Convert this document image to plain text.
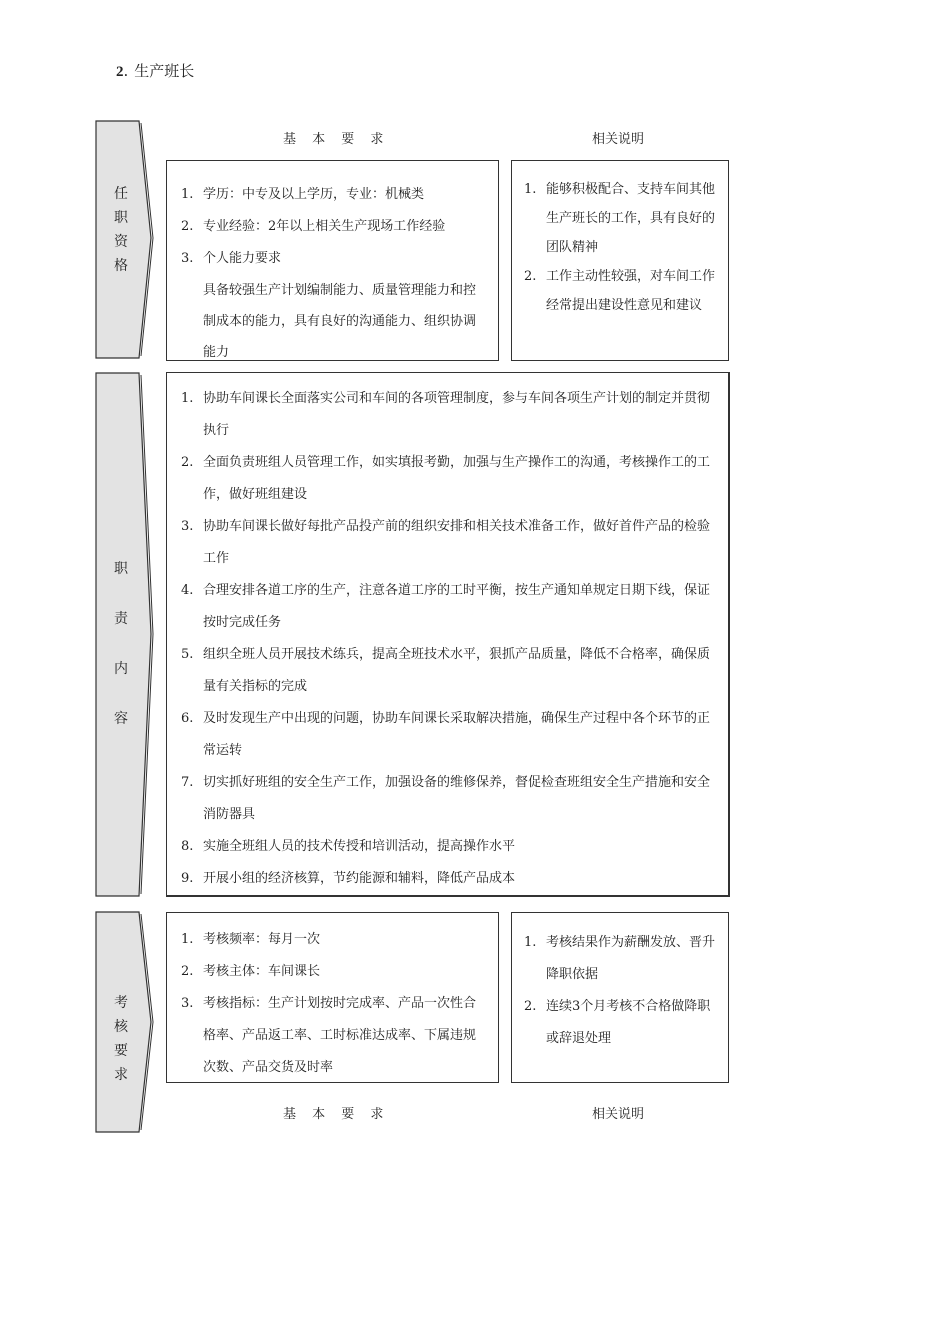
2. 生产班长
基 本 要 求	相关说明
任
职
资
格
1. 学历：中专及以上学历，专业：机械类
2. 专业经验：2年以上相关生产现场工作经验
3. 个人能力要求
具备较强生产计划编制能力、质量管理能力和控制成本的能力，具有良好的沟通能力、组织协调能力
1. 能够积极配合、支持车间其他生产班长的工作，具有良好的团队精神
2. 工作主动性较强，对车间工作经常提出建设性意见和建议
职
责
内
容
1. 协助车间课长全面落实公司和车间的各项管理制度，参与车间各项生产计划的制定并贯彻执行
2. 全面负责班组人员管理工作，如实填报考勤，加强与生产操作工的沟通，考核操作工的工作，做好班组建设
3. 协助车间课长做好每批产品投产前的组织安排和相关技术准备工作，做好首件产品的检验工作
4. 合理安排各道工序的生产，注意各道工序的工时平衡，按生产通知单规定日期下线，保证按时完成任务
5. 组织全班人员开展技术练兵，提高全班技术水平，狠抓产品质量，降低不合格率，确保质量有关指标的完成
6. 及时发现生产中出现的问题，协助车间课长采取解决措施，确保生产过程中各个环节的正常运转
7. 切实抓好班组的安全生产工作，加强设备的维修保养，督促检查班组安全生产措施和安全消防器具
8. 实施全班组人员的技术传授和培训活动，提高操作水平
9. 开展小组的经济核算，节约能源和辅料，降低产品成本
考
核
要
求
1. 考核频率：每月一次
2. 考核主体：车间课长
3. 考核指标：生产计划按时完成率、产品一次性合格率、产品返工率、工时标准达成率、下属违规次数、产品交货及时率
1. 考核结果作为薪酬发放、晋升降职依据
2. 连续3个月考核不合格做降职或辞退处理
基 本 要 求	相关说明
